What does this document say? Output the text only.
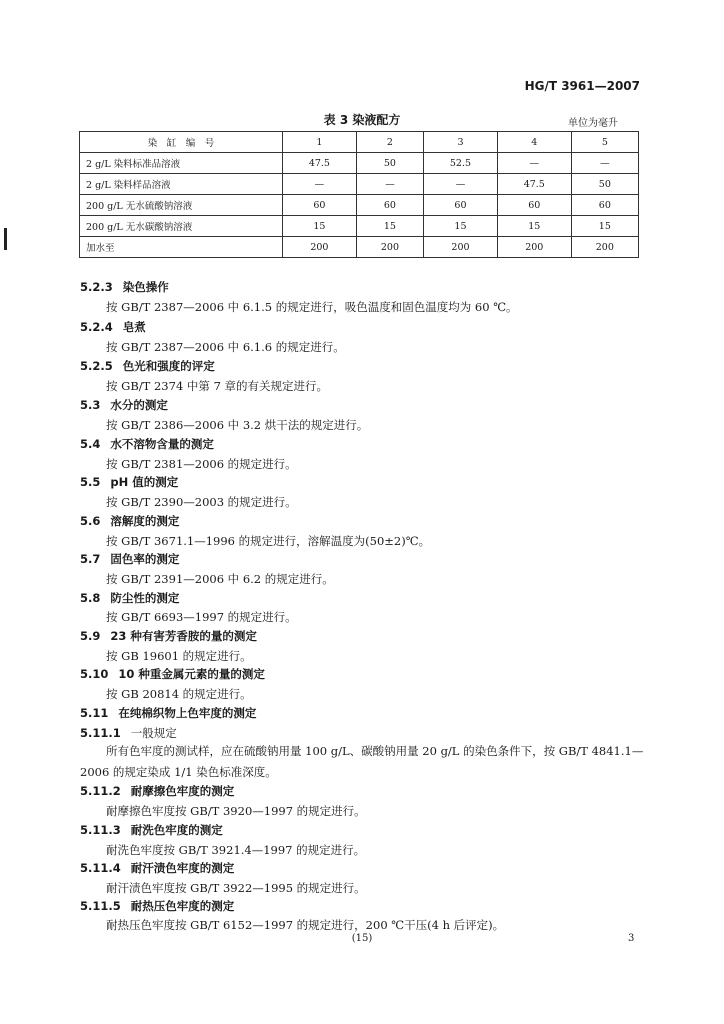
HG/T 3961—2007
表 3 染液配方	单位为毫升
染　缸　编　号	1	2	3	4	5
2 g/L 染料标准品溶液	47.5	50	52.5	—	—
2 g/L 染料样品溶液	—	—	—	47.5	50
200 g/L 无水硫酸钠溶液	60	60	60	60	60
200 g/L 无水碳酸钠溶液	15	15	15	15	15
加水至	200	200	200	200	200
5.2.3 染色操作
按 GB/T 2387—2006 中 6.1.5 的规定进行，吸色温度和固色温度均为 60 ℃。
5.2.4 皂煮
按 GB/T 2387—2006 中 6.1.6 的规定进行。
5.2.5 色光和强度的评定
按 GB/T 2374 中第 7 章的有关规定进行。
5.3 水分的测定
按 GB/T 2386—2006 中 3.2 烘干法的规定进行。
5.4 水不溶物含量的测定
按 GB/T 2381—2006 的规定进行。
5.5 pH 值的测定
按 GB/T 2390—2003 的规定进行。
5.6 溶解度的测定
按 GB/T 3671.1—1996 的规定进行，溶解温度为(50±2)℃。
5.7 固色率的测定
按 GB/T 2391—2006 中 6.2 的规定进行。
5.8 防尘性的测定
按 GB/T 6693—1997 的规定进行。
5.9 23 种有害芳香胺的量的测定
按 GB 19601 的规定进行。
5.10 10 种重金属元素的量的测定
按 GB 20814 的规定进行。
5.11 在纯棉织物上色牢度的测定
5.11.1 一般规定
所有色牢度的测试样，应在硫酸钠用量 100 g/L、碳酸钠用量 20 g/L 的染色条件下，按 GB/T 4841.1—2006 的规定染成 1/1 染色标准深度。
5.11.2 耐摩擦色牢度的测定
耐摩擦色牢度按 GB/T 3920—1997 的规定进行。
5.11.3 耐洗色牢度的测定
耐洗色牢度按 GB/T 3921.4—1997 的规定进行。
5.11.4 耐汗渍色牢度的测定
耐汗渍色牢度按 GB/T 3922—1995 的规定进行。
5.11.5 耐热压色牢度的测定
耐热压色牢度按 GB/T 6152—1997 的规定进行，200 ℃干压(4 h 后评定)。
(15)	3
